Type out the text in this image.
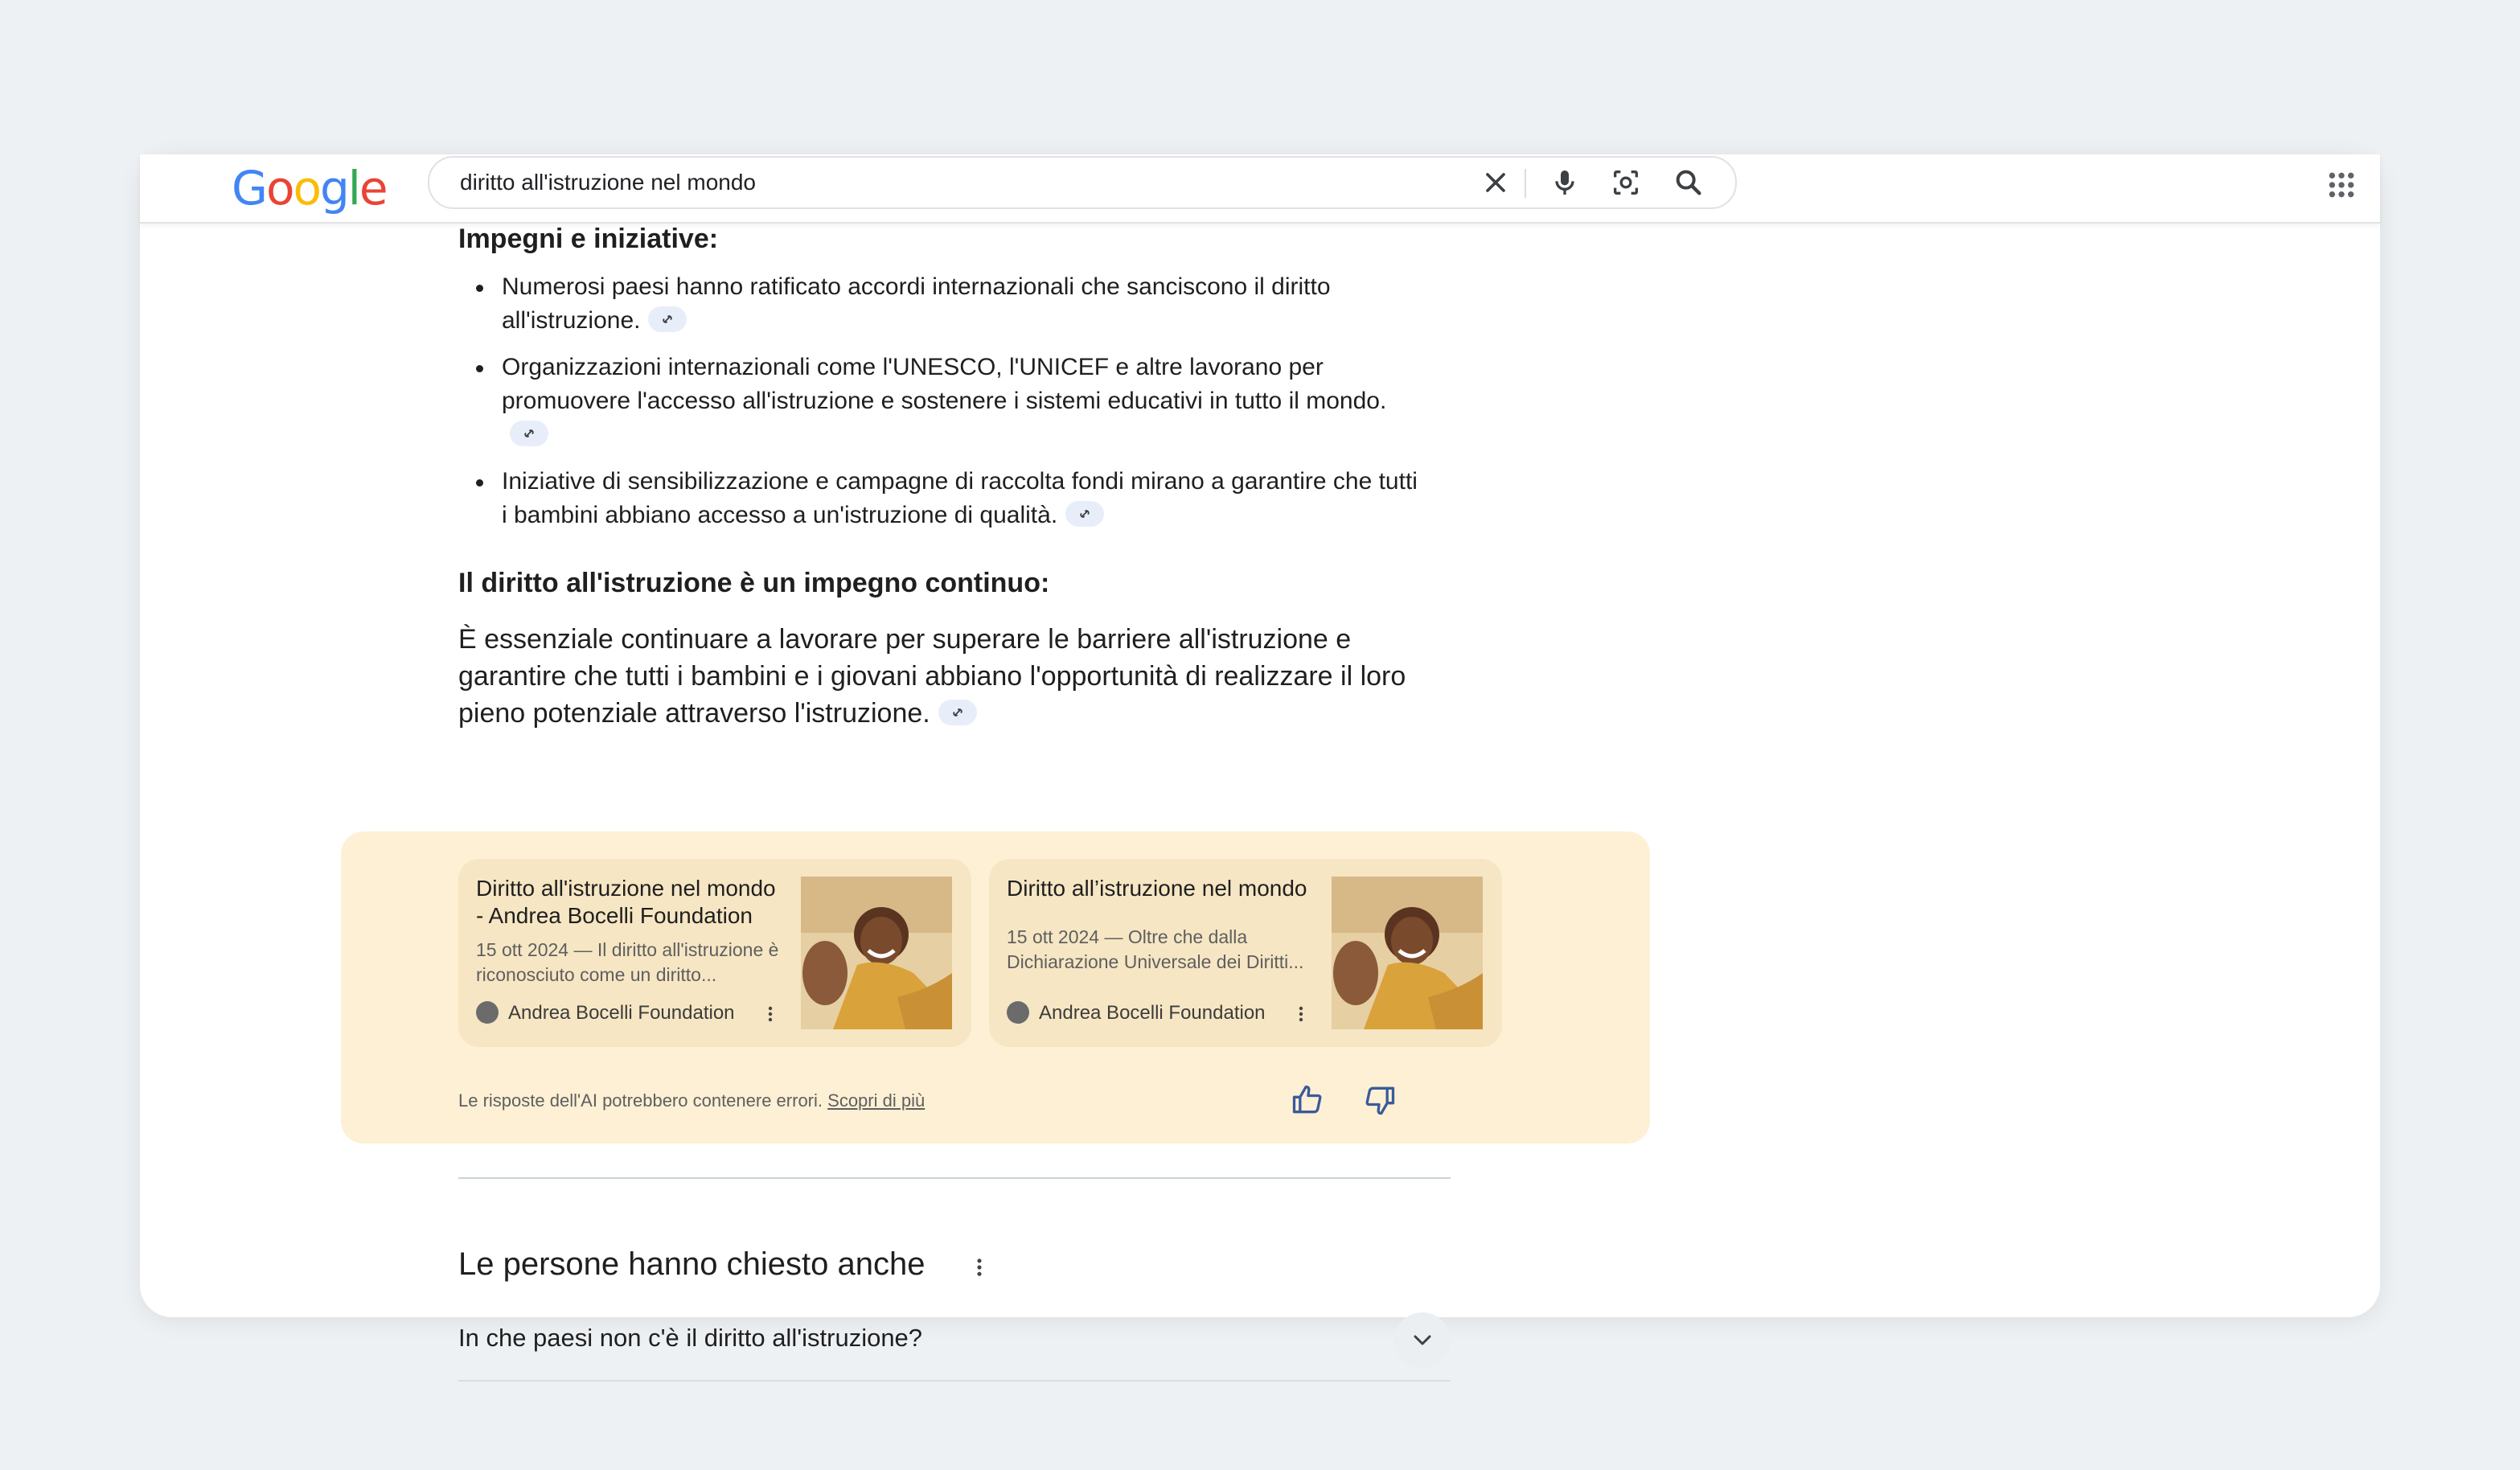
Google	diritto all'istruzione nel mondo
Impegni e iniziative:
Numerosi paesi hanno ratificato accordi internazionali che sanciscono il diritto all'istruzione.
Organizzazioni internazionali come l'UNESCO, l'UNICEF e altre lavorano per promuovere l'accesso all'istruzione e sostenere i sistemi educativi in tutto il mondo.
Iniziative di sensibilizzazione e campagne di raccolta fondi mirano a garantire che tutti i bambini abbiano accesso a un'istruzione di qualità.
Il diritto all'istruzione è un impegno continuo:
È essenziale continuare a lavorare per superare le barriere all'istruzione e garantire che tutti i bambini e i giovani abbiano l'opportunità di realizzare il loro pieno potenziale attraverso l'istruzione.
Diritto all'istruzione nel mondo - Andrea Bocelli Foundation
15 ott 2024 — Il diritto all'istruzione è riconosciuto come un diritto...
Andrea Bocelli Foundation
Diritto all’istruzione nel mondo
15 ott 2024 — Oltre che dalla Dichiarazione Universale dei Diritti...
Andrea Bocelli Foundation
Le risposte dell'AI potrebbero contenere errori. Scopri di più
Le persone hanno chiesto anche
In che paesi non c'è il diritto all'istruzione?
